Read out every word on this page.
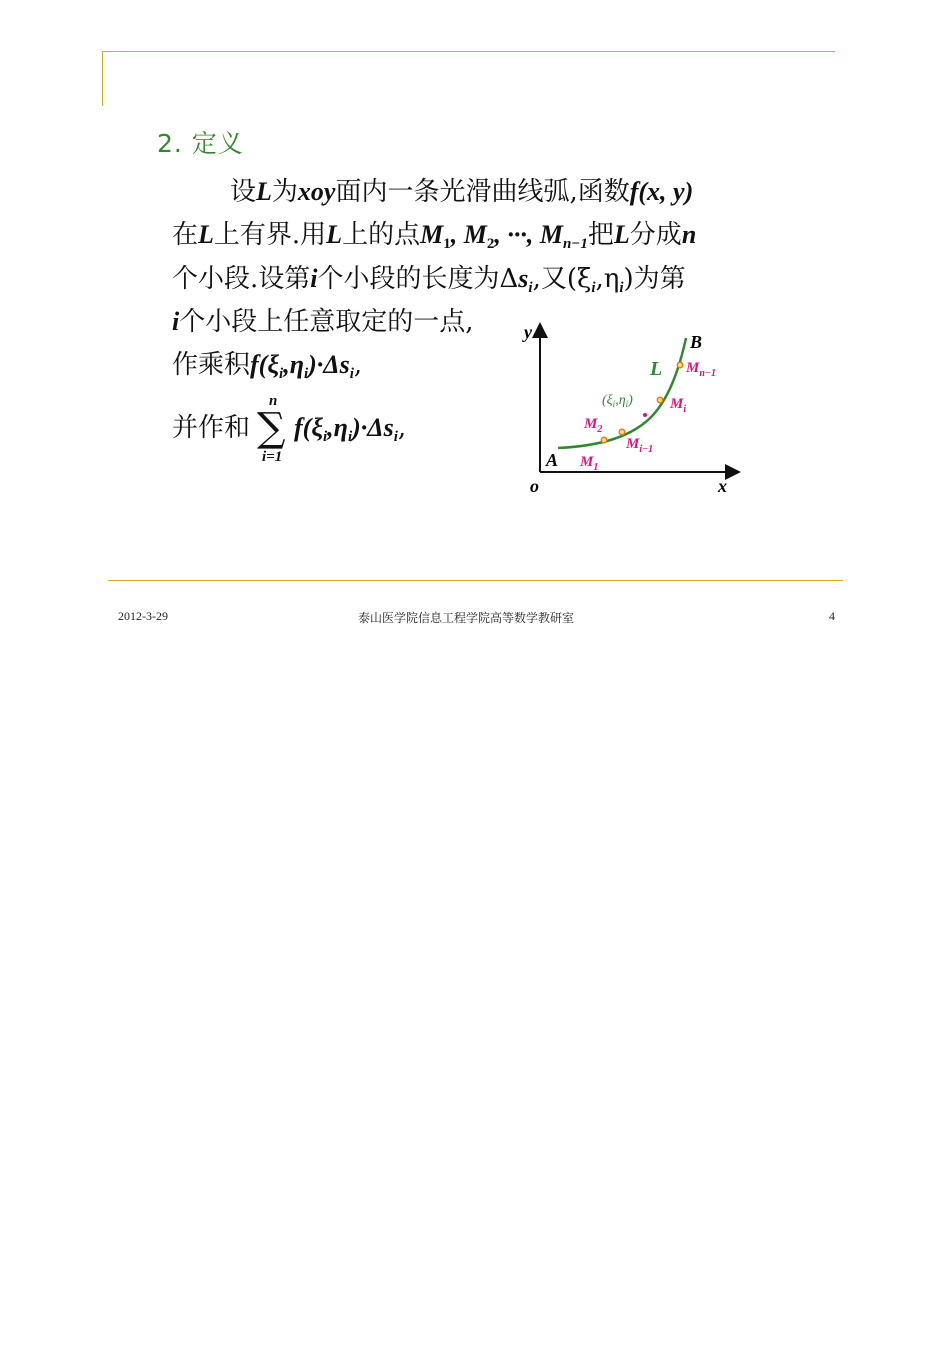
2. 定义
设L为xoy面内一条光滑曲线弧,函数f(x, y)
在L上有界.用L上的点$M_1$, $M_2$, ···, $M_{n-1}$把L分成n
个小段.设第i个小段的长度为$\Delta s_i$,又$(\xi_i,\eta_i)$为第
i个小段上任意取定的一点,
作乘积$f(\xi_i,\eta_i)\cdot\Delta s_i$,
并作和
n
∑
i=1
$f(\xi_i,\eta_i)\cdot\Delta s_i$,
y
x
o
L
A
B
$M_1$
$M_2$
$M_{i-1}$
$M_i$
$M_{n-1}$
$(\xi_i,\eta_i)$
2012-3-29	泰山医学院信息工程学院高等数学教研室	4
